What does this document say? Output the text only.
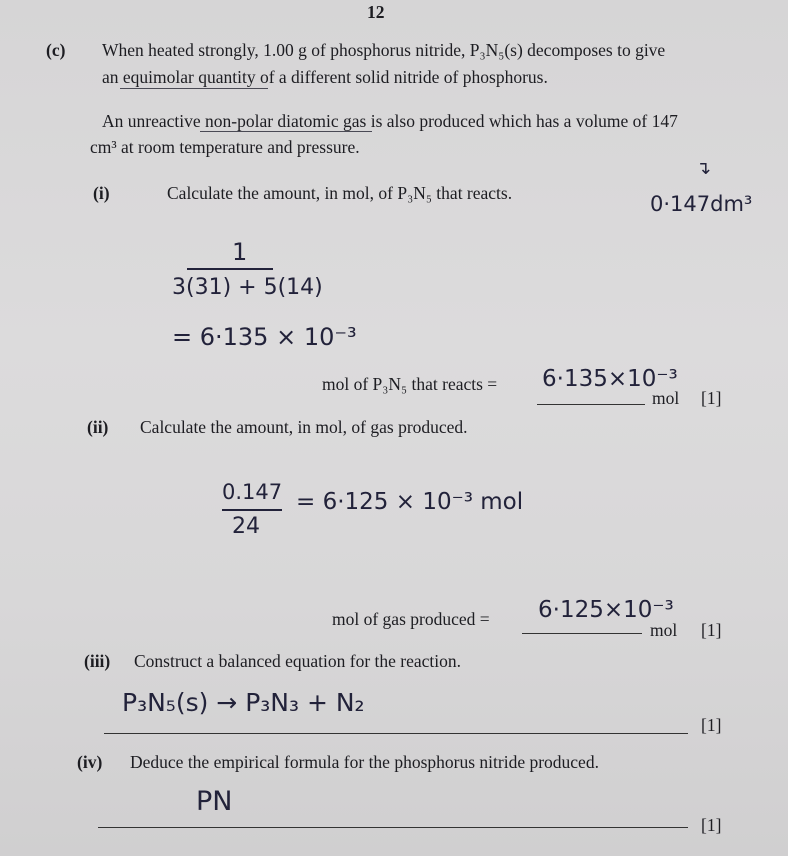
12
(c) When heated strongly, 1.00 g of phosphorus nitride, P₃N₅(s) decomposes to give
an equimolar quantity of a different solid nitride of phosphorus.
An unreactive non-polar diatomic gas is also produced which has a volume of 147
cm³ at room temperature and pressure.
(i)	Calculate the amount, in mol, of P₃N₅ that reacts.
↴
0·147dm³
1
3(31) + 5(14)
= 6·135 × 10⁻³
mol of P₃N₅ that reacts = 6·135×10⁻³
mol [1]
(ii) Calculate the amount, in mol, of gas produced.
0.147
24
= 6·125 × 10⁻³ mol
mol of gas produced = 6·125×10⁻³
mol [1]
(iii) Construct a balanced equation for the reaction.
P₃N₅(s) → P₃N₃ + N₂
[1]
(iv) Deduce the empirical formula for the phosphorus nitride produced.
PN
[1]
